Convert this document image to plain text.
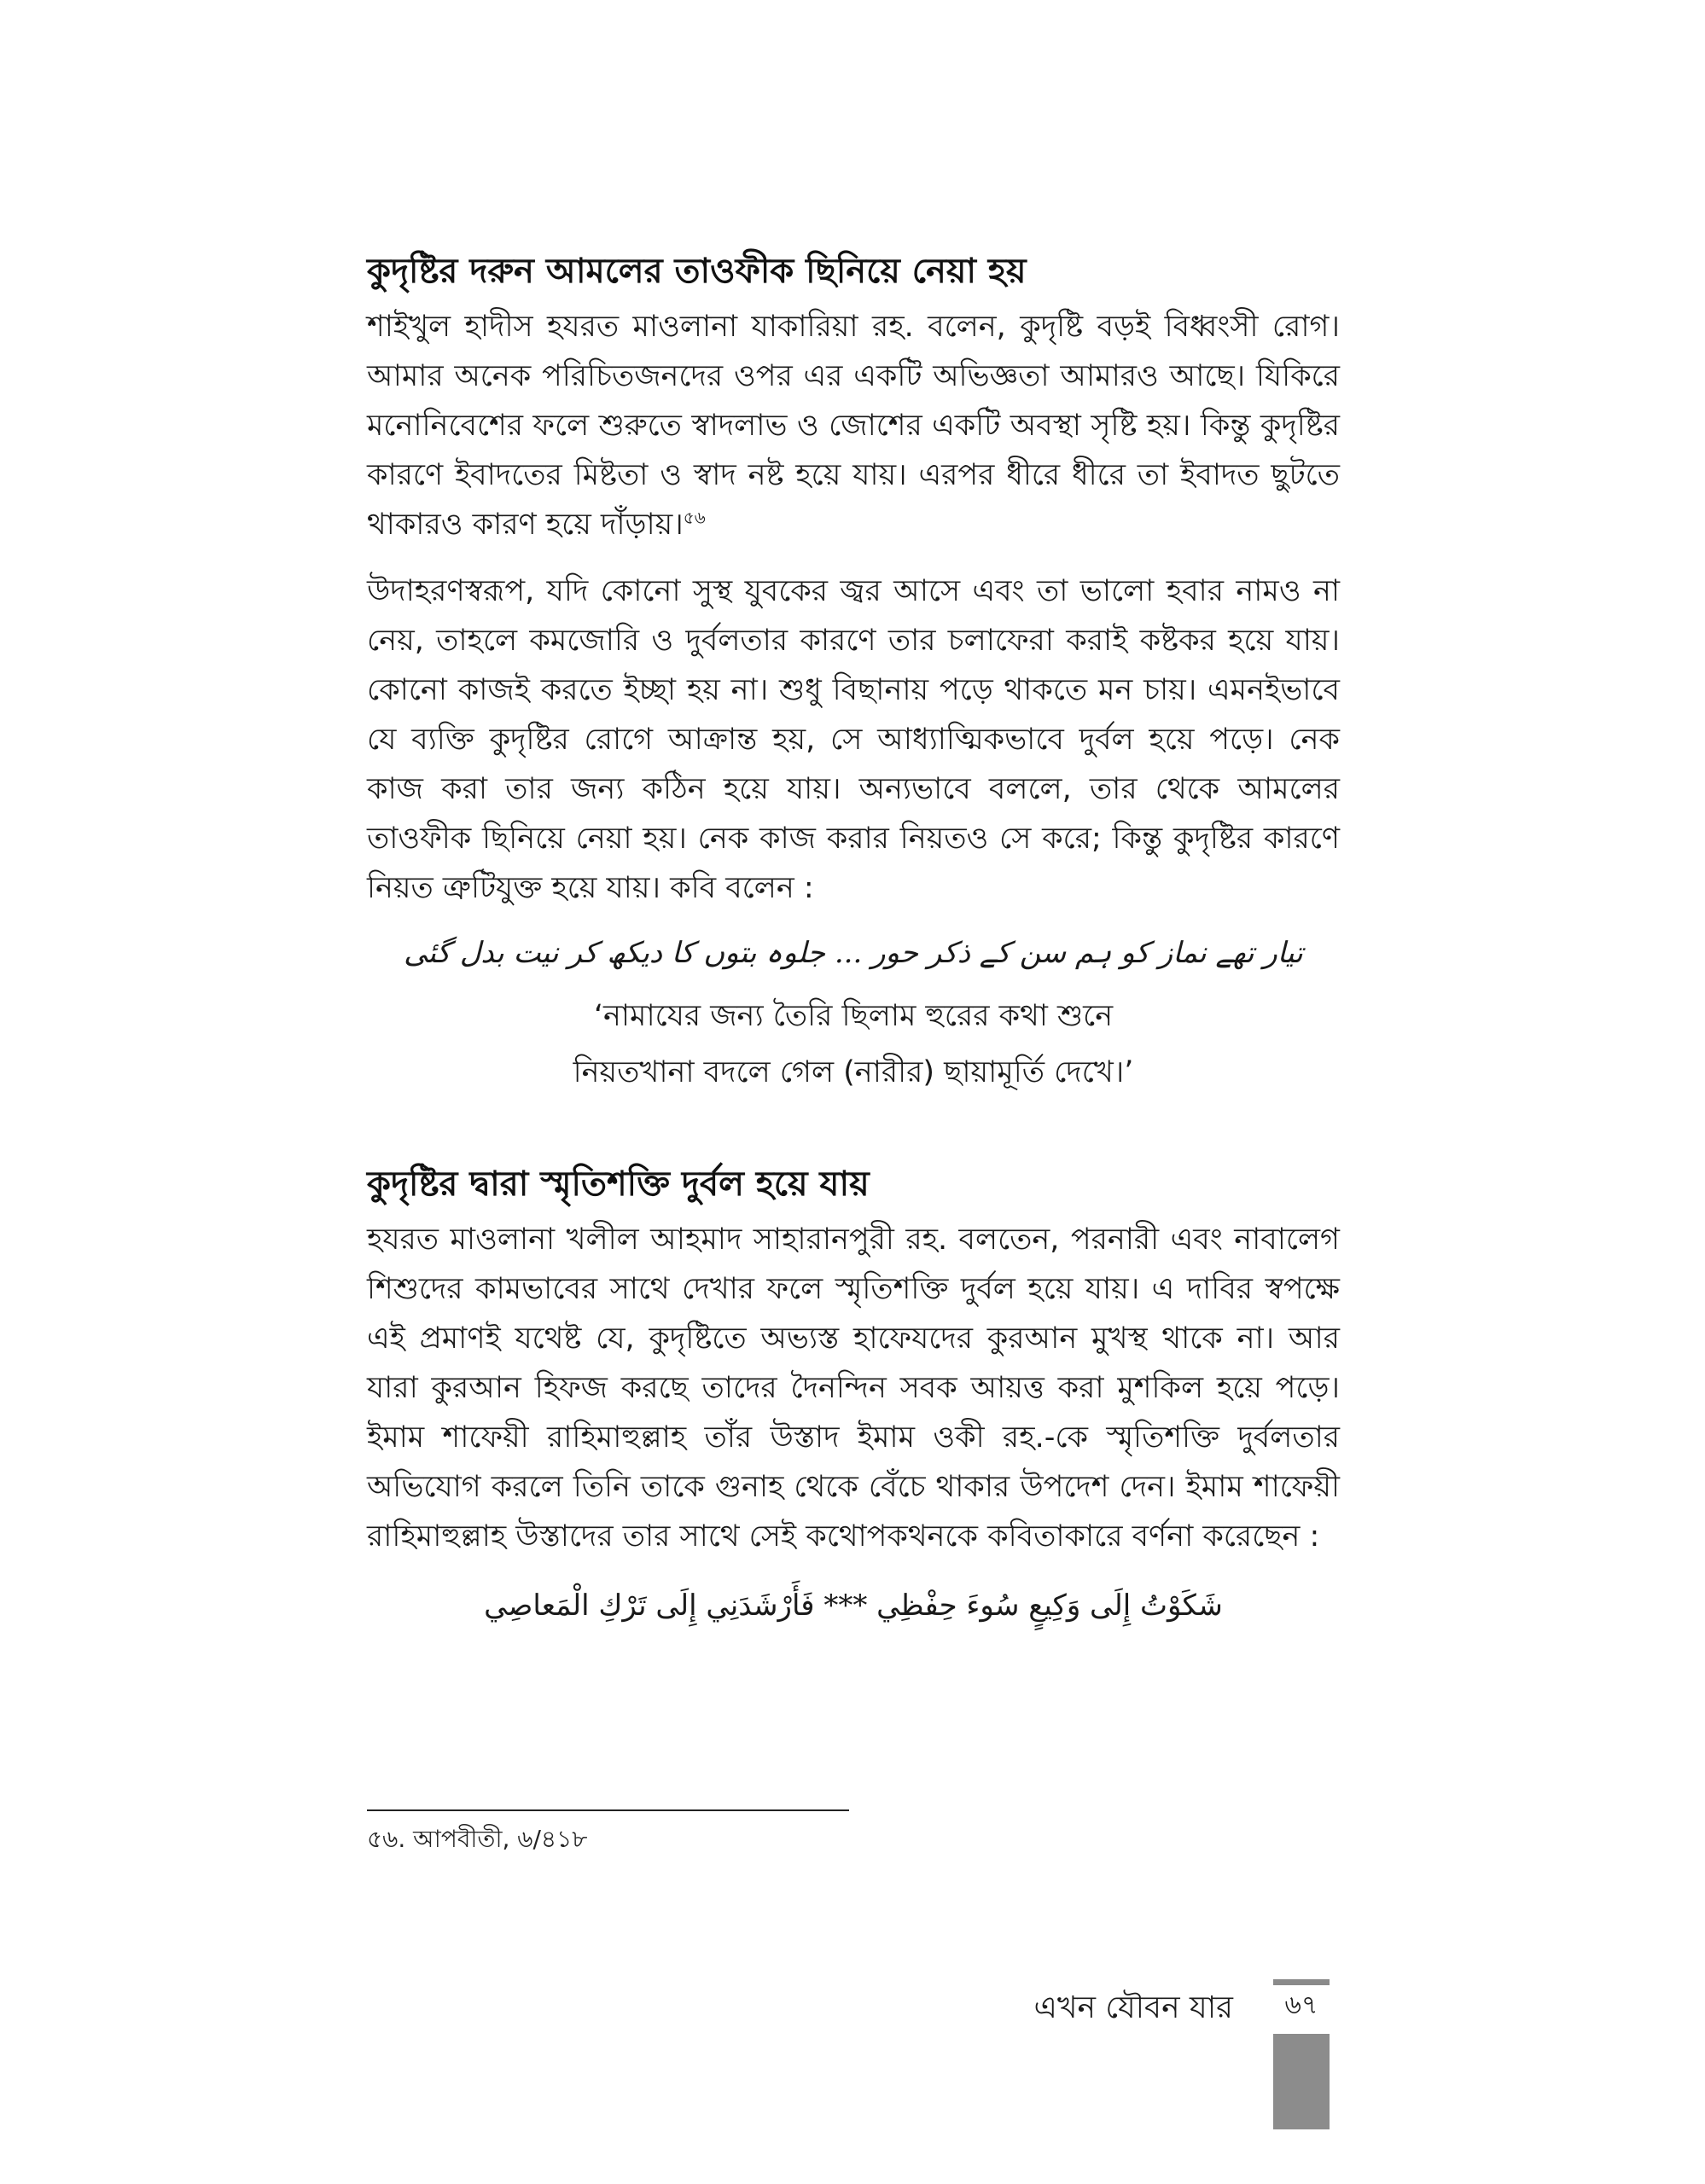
কুদৃষ্টির দরুন আমলের তাওফীক ছিনিয়ে নেয়া হয়

শাইখুল হাদীস হযরত মাওলানা যাকারিয়া রহ. বলেন, কুদৃষ্টি বড়ই বিধ্বংসী রোগ। আমার অনেক পরিচিতজনদের ওপর এর একটি অভিজ্ঞতা আমারও আছে। যিকিরে মনোনিবেশের ফলে শুরুতে স্বাদলাভ ও জোশের একটি অবস্থা সৃষ্টি হয়। কিন্তু কুদৃষ্টির কারণে ইবাদতের মিষ্টতা ও স্বাদ নষ্ট হয়ে যায়। এরপর ধীরে ধীরে তা ইবাদত ছুটতে থাকারও কারণ হয়ে দাঁড়ায়।$^{৫৬}$

উদাহরণস্বরূপ, যদি কোনো সুস্থ যুবকের জ্বর আসে এবং তা ভালো হবার নামও না নেয়, তাহলে কমজোরি ও দুর্বলতার কারণে তার চলাফেরা করাই কষ্টকর হয়ে যায়। কোনো কাজই করতে ইচ্ছা হয় না। শুধু বিছানায় পড়ে থাকতে মন চায়। এমনইভাবে যে ব্যক্তি কুদৃষ্টির রোগে আক্রান্ত হয়, সে আধ্যাত্মিকভাবে দুর্বল হয়ে পড়ে। নেক কাজ করা তার জন্য কঠিন হয়ে যায়। অন্যভাবে বললে, তার থেকে আমলের তাওফীক ছিনিয়ে নেয়া হয়। নেক কাজ করার নিয়তও সে করে; কিন্তু কুদৃষ্টির কারণে নিয়ত ত্রুটিযুক্ত হয়ে যায়। কবি বলেন :

تیار تھے نماز کو ہم سن کے ذکر حور ... جلوہ بتوں کا دیکھ کر نیت بدل گئی

‘নামাযের জন্য তৈরি ছিলাম হুরের কথা শুনে

নিয়তখানা বদলে গেল (নারীর) ছায়ামূর্তি দেখে।’

কুদৃষ্টির দ্বারা স্মৃতিশক্তি দুর্বল হয়ে যায়

হযরত মাওলানা খলীল আহমাদ সাহারানপুরী রহ. বলতেন, পরনারী এবং নাবালেগ শিশুদের কামভাবের সাথে দেখার ফলে স্মৃতিশক্তি দুর্বল হয়ে যায়। এ দাবির স্বপক্ষে এই প্রমাণই যথেষ্ট যে, কুদৃষ্টিতে অভ্যস্ত হাফেযদের কুরআন মুখস্থ থাকে না। আর যারা কুরআন হিফজ করছে তাদের দৈনন্দিন সবক আয়ত্ত করা মুশকিল হয়ে পড়ে। ইমাম শাফেয়ী রাহিমাহুল্লাহ তাঁর উস্তাদ ইমাম ওকী রহ.-কে স্মৃতিশক্তি দুর্বলতার অভিযোগ করলে তিনি তাকে গুনাহ থেকে বেঁচে থাকার উপদেশ দেন। ইমাম শাফেয়ী রাহিমাহুল্লাহ উস্তাদের তার সাথে সেই কথোপকথনকে কবিতাকারে বর্ণনা করেছেন :

شَكَوْتُ إِلَى وَكِيعٍ سُوءَ حِفْظِي *** فَأَرْشَدَنِي إِلَى تَرْكِ الْمَعاصِي

৫৬. আপবীতী, ৬/৪১৮
এখন যৌবন যার	৬৭
